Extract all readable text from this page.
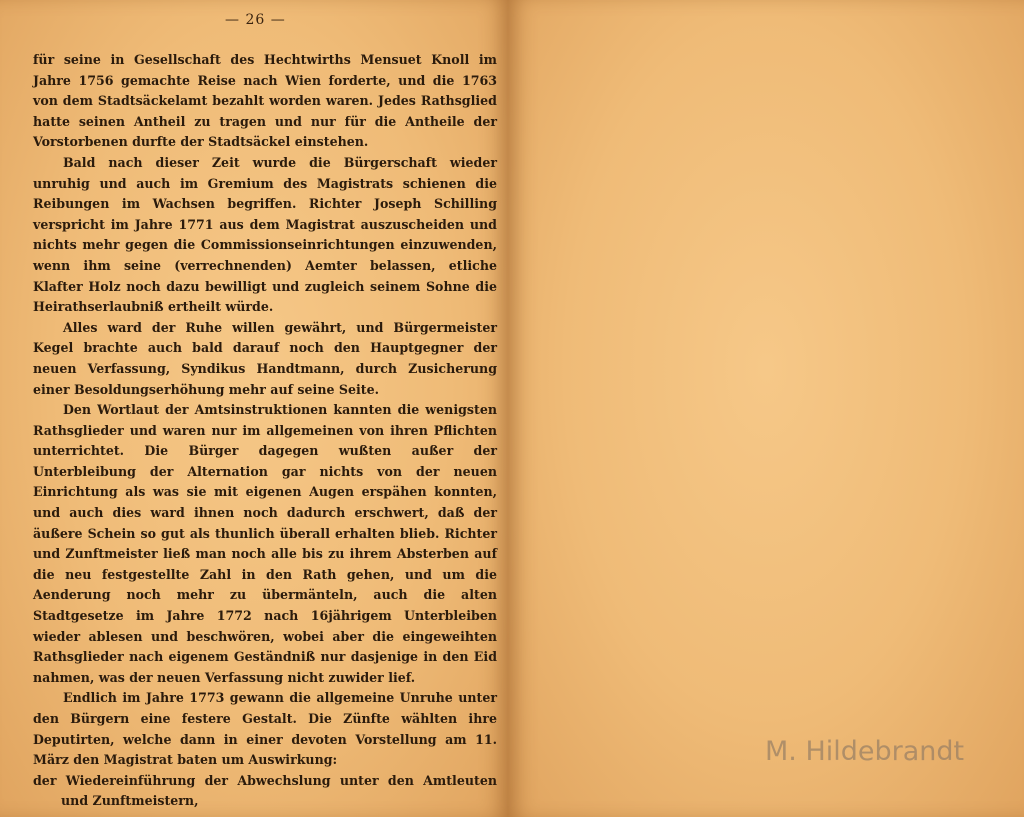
— 26 —

für seine in Gesellschaft des Hechtwirths Mensuet Knoll im Jahre 1756 gemachte Reise nach Wien forderte, und die 1763 von dem Stadtsäckelamt bezahlt worden waren. Jedes Rathsglied hatte seinen Antheil zu tragen und nur für die Antheile der Vorstorbenen durfte der Stadtsäckel einstehen.

Bald nach dieser Zeit wurde die Bürgerschaft wieder unruhig und auch im Gremium des Magistrats schienen die Reibungen im Wachsen begriffen. Richter Joseph Schilling verspricht im Jahre 1771 aus dem Magistrat auszuscheiden und nichts mehr gegen die Commissionseinrichtungen einzuwenden, wenn ihm seine (verrechnenden) Aemter belassen, etliche Klafter Holz noch dazu bewilligt und zugleich seinem Sohne die Heirathserlaubniß ertheilt würde.

Alles ward der Ruhe willen gewährt, und Bürgermeister Kegel brachte auch bald darauf noch den Hauptgegner der neuen Verfassung, Syndikus Handtmann, durch Zusicherung einer Besoldungserhöhung mehr auf seine Seite.

Den Wortlaut der Amtsinstruktionen kannten die wenigsten Rathsglieder und waren nur im allgemeinen von ihren Pflichten unterrichtet. Die Bürger dagegen wußten außer der Unterbleibung der Alternation gar nichts von der neuen Einrichtung als was sie mit eigenen Augen erspähen konnten, und auch dies ward ihnen noch dadurch erschwert, daß der äußere Schein so gut als thunlich überall erhalten blieb. Richter und Zunftmeister ließ man noch alle bis zu ihrem Absterben auf die neu festgestellte Zahl in den Rath gehen, und um die Aenderung noch mehr zu übermänteln, auch die alten Stadtgesetze im Jahre 1772 nach 16jährigem Unterbleiben wieder ablesen und beschwören, wobei aber die eingeweihten Rathsglieder nach eigenem Geständniß nur dasjenige in den Eid nahmen, was der neuen Verfassung nicht zuwider lief.

Endlich im Jahre 1773 gewann die allgemeine Unruhe unter den Bürgern eine festere Gestalt. Die Zünfte wählten ihre Deputirten, welche dann in einer devoten Vorstellung am 11. März den Magistrat baten um Auswirkung:

der Wiedereinführung der Abwechslung unter den Amtleuten und Zunftmeistern,

M. Hildebrandt
